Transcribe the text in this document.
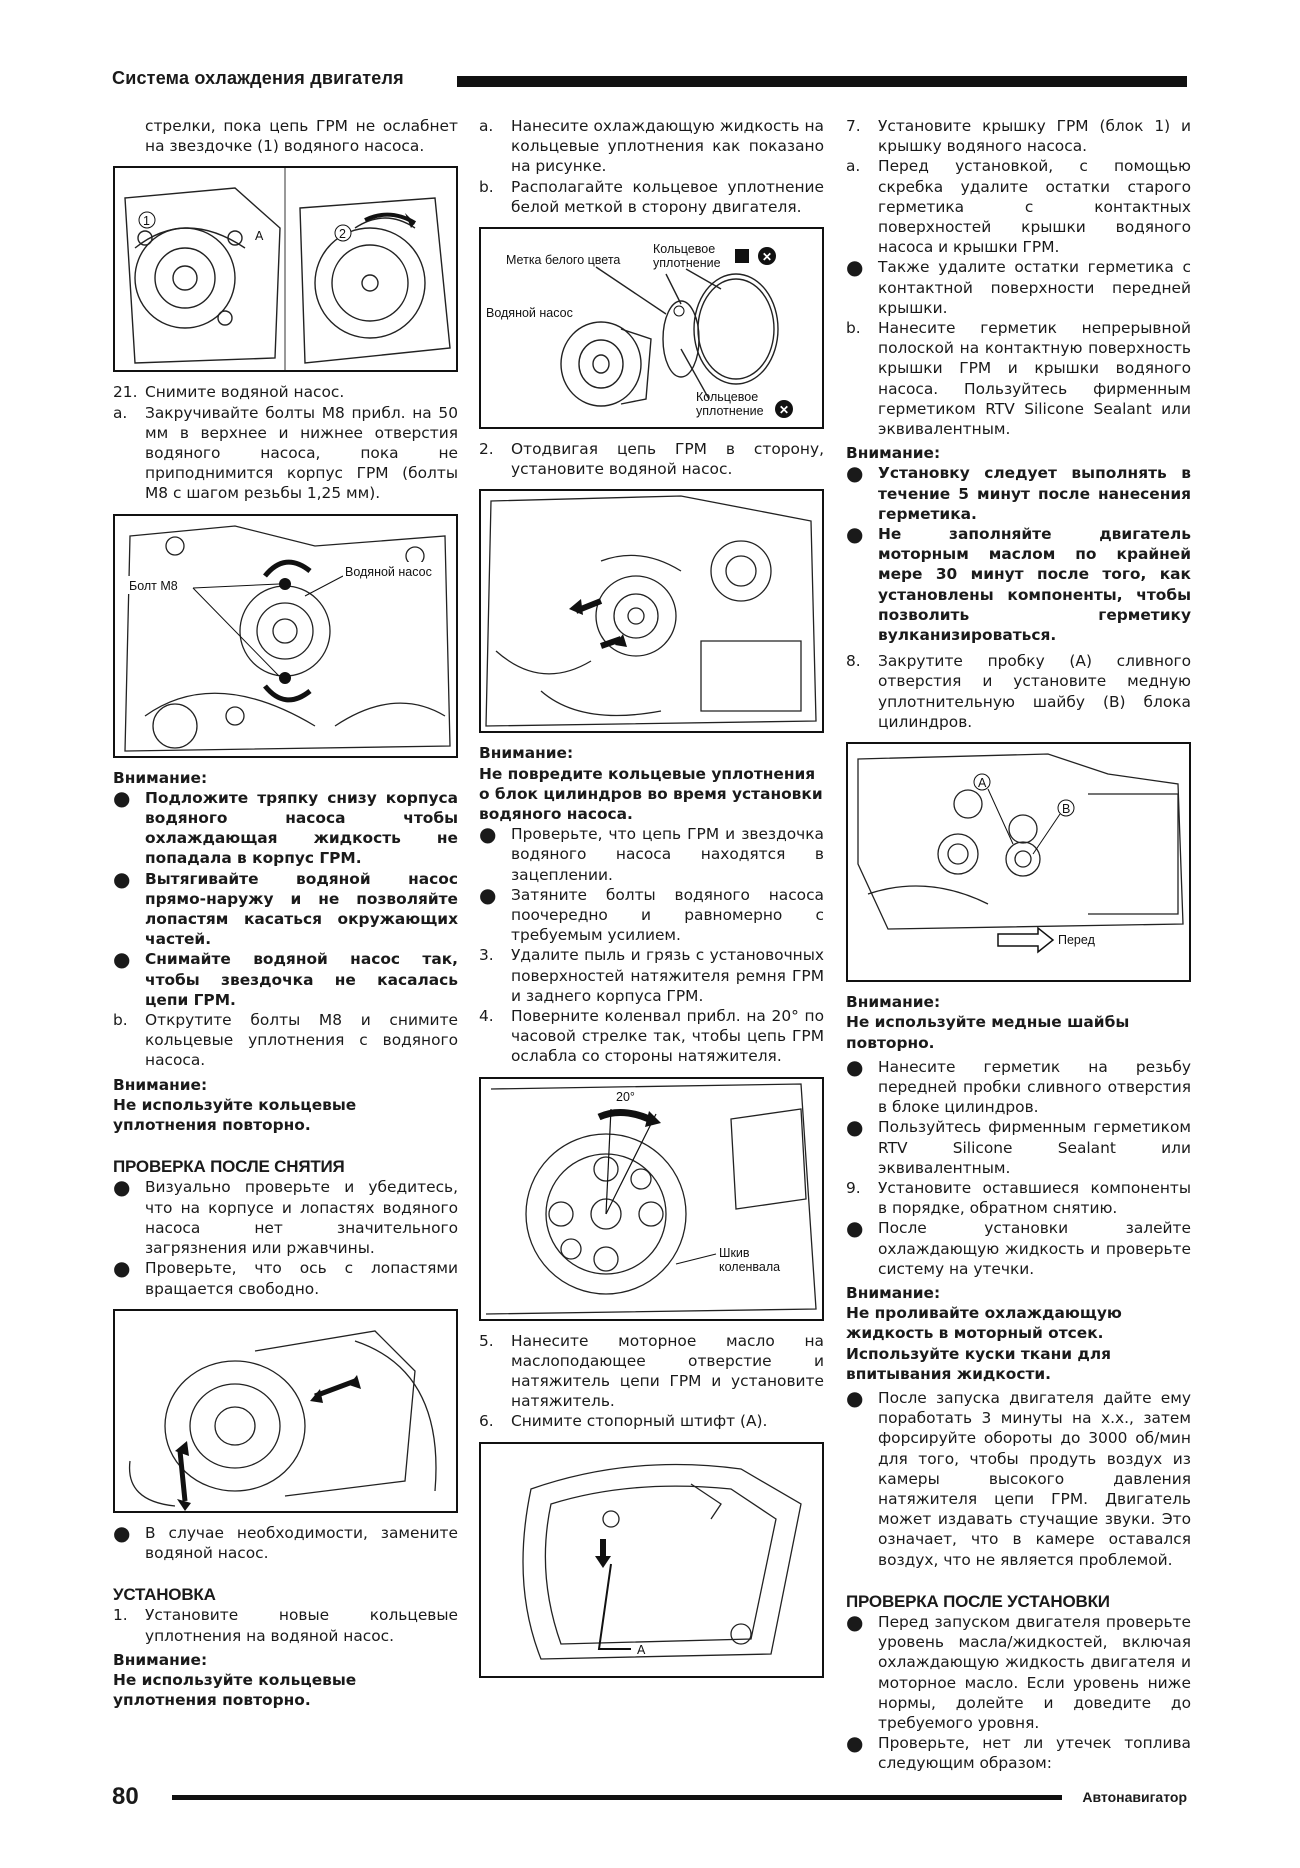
Система охлаждения двигателя
стрелки, пока цепь ГРМ не ослабнет на звездочке (1) водяного насоса.
1
2
A
21. Снимите водяной насос.
a.	Закручивайте болты М8 прибл. на 50 мм в верхнее и нижнее отверстия водяного насоса, пока не приподнимится корпус ГРМ (болты М8 с шагом резьбы 1,25 мм).
Болт М8
Водяной насос
Внимание:
● Подложите тряпку снизу корпуса водяного насоса чтобы охлаждающая жидкость не попадала в корпус ГРМ.
● Вытягивайте водяной насос прямо-наружу и не позволяйте лопастям касаться окружающих частей.
● Снимайте водяной насос так, чтобы звездочка не касалась цепи ГРМ.
b.	Открутите болты М8 и снимите кольцевые уплотнения с водяного насоса.
Внимание:
Не используйте кольцевые уплотнения повторно.
ПРОВЕРКА ПОСЛЕ СНЯТИЯ
● Визуально проверьте и убедитесь, что на корпусе и лопастях водяного насоса нет значительного загрязнения или ржавчины.
● Проверьте, что ось с лопастями вращается свободно.
● В случае необходимости, замените водяной насос.
УСТАНОВКА
1.	Установите новые кольцевые уплотнения на водяной насос.
Внимание:
Не используйте кольцевые уплотнения повторно.
a.	Нанесите охлаждающую жидкость на кольцевые уплотнения как показано на рисунке.
b.	Располагайте кольцевое уплотнение белой меткой в сторону двигателя.
Метка белого цвета
Кольцевое
уплотнение	✕
Водяной насос
Кольцевое
уплотнение ✕
2.	Отодвигая цепь ГРМ в сторону, установите водяной насос.
Внимание:
Не повредите кольцевые уплотнения о блок цилиндров во время установки водяного насоса.
● Проверьте, что цепь ГРМ и звездочка водяного насоса находятся в зацеплении.
● Затяните болты водяного насоса поочередно и равномерно с требуемым усилием.
3.	Удалите пыль и грязь с установочных поверхностей натяжителя ремня ГРМ и заднего корпуса ГРМ.
4.	Поверните коленвал прибл. на 20° по часовой стрелке так, чтобы цепь ГРМ ослабла со стороны натяжителя.
20°
Шкив
коленвала
5.	Нанесите моторное масло на маслоподающее отверстие и натяжитель цепи ГРМ и установите натяжитель.
6.	Снимите стопорный штифт (А).
A
7.	Установите крышку ГРМ (блок 1) и крышку водяного насоса.
a.	Перед установкой, с помощью скребка удалите остатки старого герметика с контактных поверхностей крышки водяного насоса и крышки ГРМ.
● Также удалите остатки герметика с контактной поверхности передней крышки.
b.	Нанесите герметик непрерывной полоской на контактную поверхность крышки ГРМ и крышки водяного насоса. Пользуйтесь фирменным герметиком RTV Silicone Sealant или эквивалентным.
Внимание:
● Установку следует выполнять в течение 5 минут после нанесения герметика.
● Не заполняйте двигатель моторным маслом по крайней мере 30 минут после того, как установлены компоненты, чтобы позволить герметику вулканизироваться.
8.	Закрутите пробку (A) сливного отверстия и установите медную уплотнительную шайбу (B) блока цилиндров.
A
B
Перед
Внимание:
Не используйте медные шайбы повторно.
● Нанесите герметик на резьбу передней пробки сливного отверстия в блоке цилиндров.
● Пользуйтесь фирменным герметиком RTV Silicone Sealant или эквивалентным.
9.	Установите оставшиеся компоненты в порядке, обратном снятию.
● После установки залейте охлаждающую жидкость и проверьте систему на утечки.
Внимание:
Не проливайте охлаждающую жидкость в моторный отсек. Используйте куски ткани для впитывания жидкости.
● После запуска двигателя дайте ему поработать 3 минуты на х.х., затем форсируйте обороты до 3000 об/мин для того, чтобы продуть воздух из камеры высокого давления натяжителя цепи ГРМ. Двигатель может издавать стучащие звуки. Это означает, что в камере оставался воздух, что не является проблемой.
ПРОВЕРКА ПОСЛЕ УСТАНОВКИ
● Перед запуском двигателя проверьте уровень масла/жидкостей, включая охлаждающую жидкость двигателя и моторное масло. Если уровень ниже нормы, долейте и доведите до требуемого уровня.
● Проверьте, нет ли утечек топлива следующим образом:
80	Автонавигатор
